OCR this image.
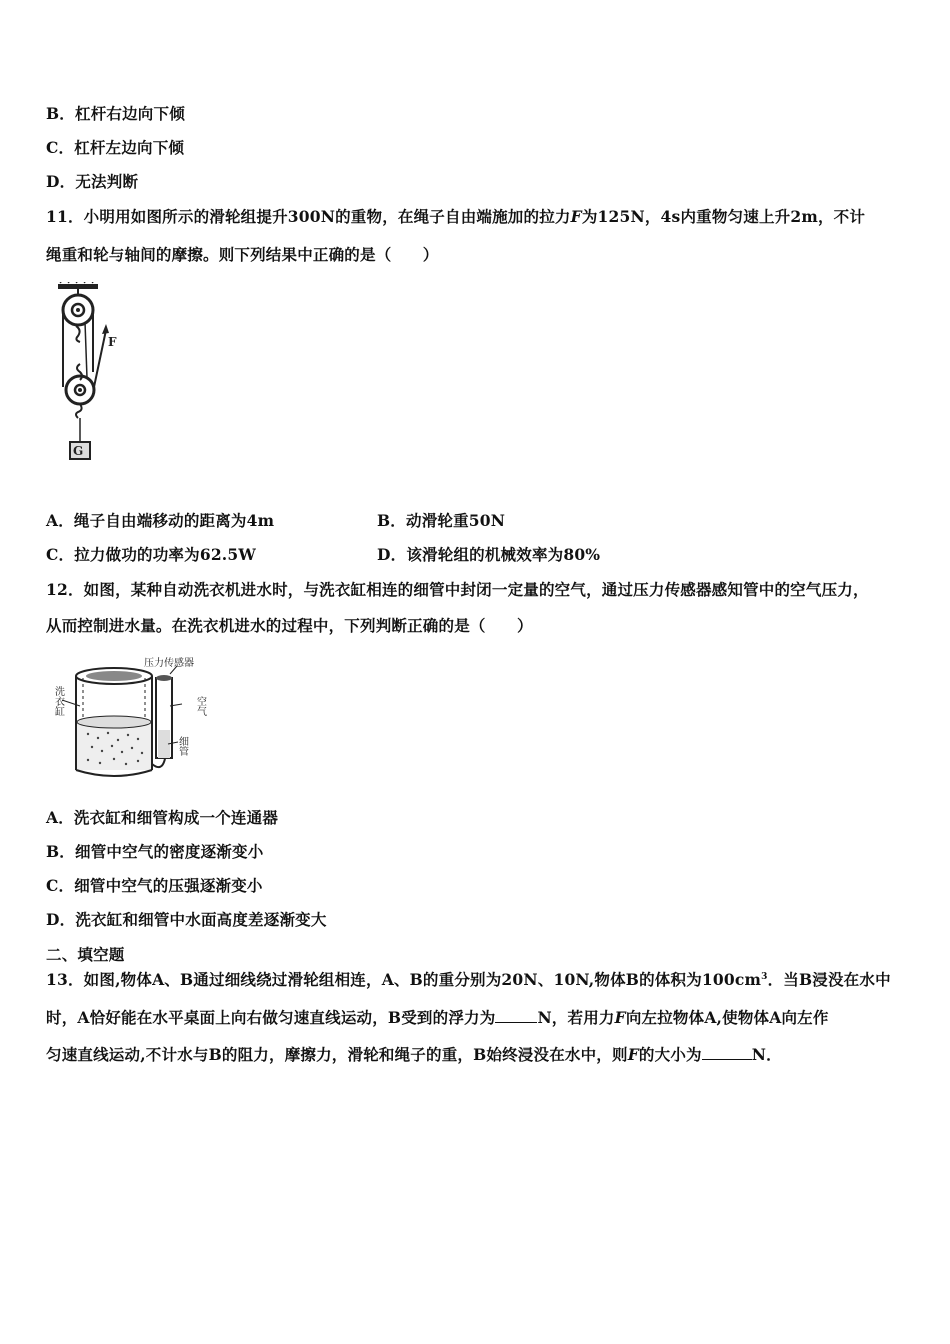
B．杠杆右边向下倾
C．杠杆左边向下倾
D．无法判断
11．小明用如图所示的滑轮组提升300N的重物，在绳子自由端施加的拉力F为125N，4s内重物匀速上升2m，不计
绳重和轮与轴间的摩擦。则下列结果中正确的是（　　）
F
G
A．绳子自由端移动的距离为4m	B．动滑轮重50N
C．拉力做功的功率为62.5W	D．该滑轮组的机械效率为80%
12．如图，某种自动洗衣机进水时，与洗衣缸相连的细管中封闭一定量的空气，通过压力传感器感知管中的空气压力，
从而控制进水量。在洗衣机进水的过程中，下列判断正确的是（　　）
压力传感器
洗衣缸	空气
细管
A．洗衣缸和细管构成一个连通器
B．细管中空气的密度逐渐变小
C．细管中空气的压强逐渐变小
D．洗衣缸和细管中水面高度差逐渐变大
二、填空题
13．如图,物体A、B通过细线绕过滑轮组相连，A、B的重分别为20N、10N,物体B的体积为$100cm^3$．当B浸没在水中
时，A恰好能在水平桌面上向右做匀速直线运动，B受到的浮力为	N，若用力F向左拉物体A,使物体A向左作
匀速直线运动,不计水与B的阻力，摩擦力，滑轮和绳子的重，B始终浸没在水中，则F的大小为	N．
